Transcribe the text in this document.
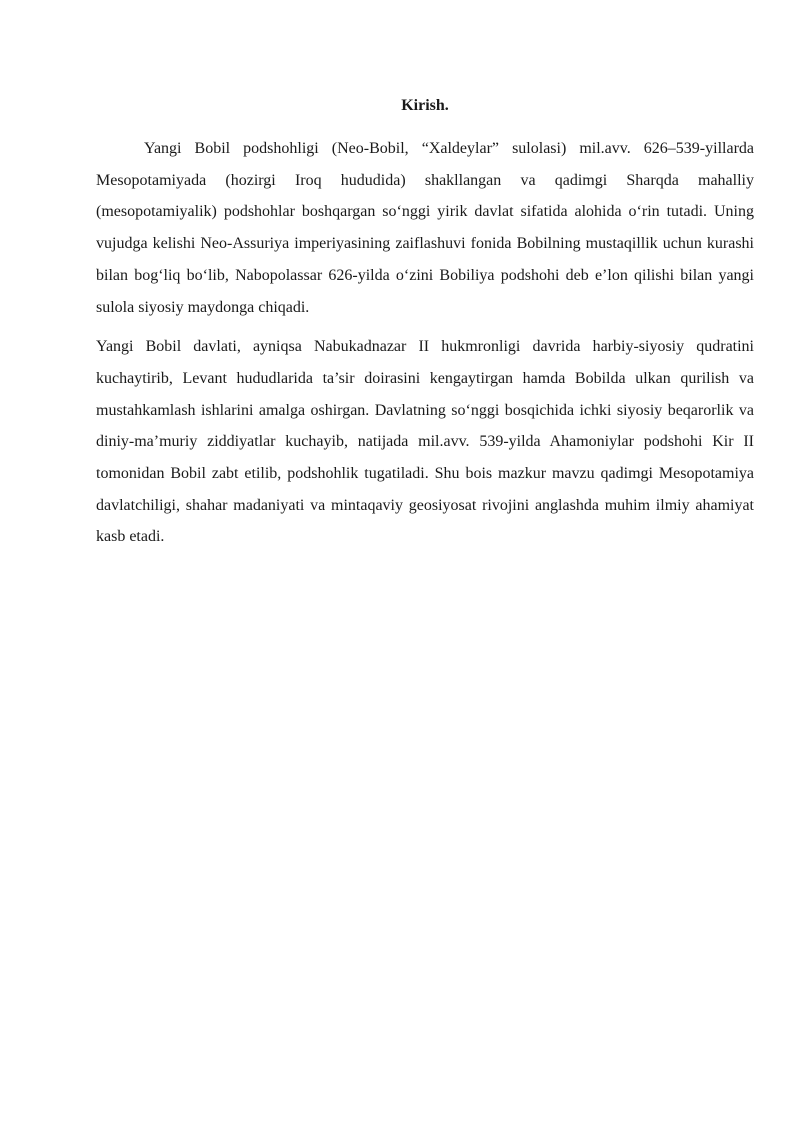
Kirish.

Yangi Bobil podshohligi (Neo-Bobil, “Xaldeylar” sulolasi) mil.avv. 626–539-yillarda Mesopotamiyada (hozirgi Iroq hududida) shakllangan va qadimgi Sharqda mahalliy (mesopotamiyalik) podshohlar boshqargan so‘nggi yirik davlat sifatida alohida o‘rin tutadi. Uning vujudga kelishi Neo-Assuriya imperiyasining zaiflashuvi fonida Bobilning mustaqillik uchun kurashi bilan bog‘liq bo‘lib, Nabopolassar 626-yilda o‘zini Bobiliya podshohi deb e’lon qilishi bilan yangi sulola siyosiy maydonga chiqadi.

Yangi Bobil davlati, ayniqsa Nabukadnazar II hukmronligi davrida harbiy-siyosiy qudratini kuchaytirib, Levant hududlarida ta’sir doirasini kengaytirgan hamda Bobilda ulkan qurilish va mustahkamlash ishlarini amalga oshirgan. Davlatning so‘nggi bosqichida ichki siyosiy beqarorlik va diniy-ma’muriy ziddiyatlar kuchayib, natijada mil.avv. 539-yilda Ahamoniylar podshohi Kir II tomonidan Bobil zabt etilib, podshohlik tugatiladi. Shu bois mazkur mavzu qadimgi Mesopotamiya davlatchiligi, shahar madaniyati va mintaqaviy geosiyosat rivojini anglashda muhim ilmiy ahamiyat kasb etadi.
